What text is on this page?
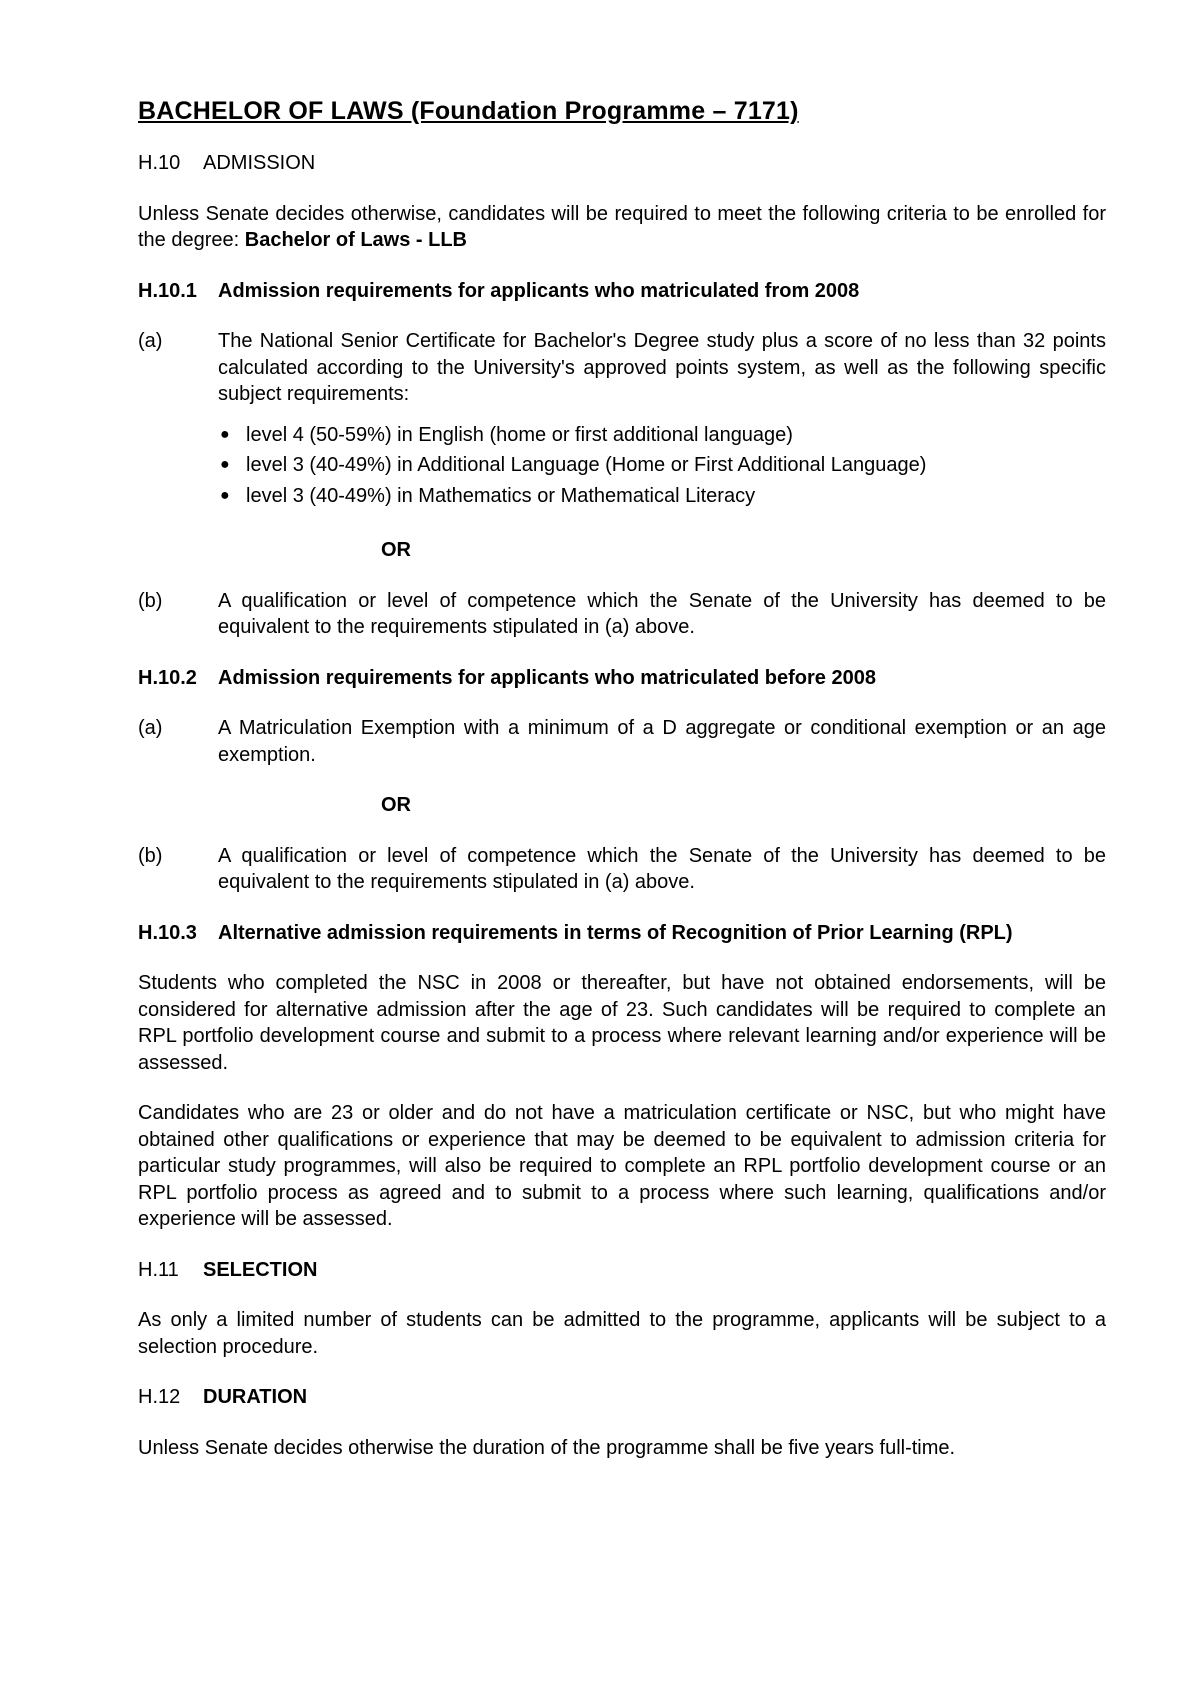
BACHELOR OF LAWS (Foundation Programme – 7171)
H.10 ADMISSION
Unless Senate decides otherwise, candidates will be required to meet the following criteria to be enrolled for the degree: Bachelor of Laws - LLB
H.10.1	Admission requirements for applicants who matriculated from 2008
(a)	The National Senior Certificate for Bachelor's Degree study plus a score of no less than 32 points calculated according to the University's approved points system, as well as the following specific subject requirements:
● level 4 (50-59%) in English (home or first additional language)
● level 3 (40-49%) in Additional Language (Home or First Additional Language)
● level 3 (40-49%) in Mathematics or Mathematical Literacy
OR
(b)	A qualification or level of competence which the Senate of the University has deemed to be equivalent to the requirements stipulated in (a) above.
H.10.2	Admission requirements for applicants who matriculated before 2008
(a)	A Matriculation Exemption with a minimum of a D aggregate or conditional exemption or an age exemption.
OR
(b)	A qualification or level of competence which the Senate of the University has deemed to be equivalent to the requirements stipulated in (a) above.
H.10.3	Alternative admission requirements in terms of Recognition of Prior Learning (RPL)
Students who completed the NSC in 2008 or thereafter, but have not obtained endorsements, will be considered for alternative admission after the age of 23. Such candidates will be required to complete an RPL portfolio development course and submit to a process where relevant learning and/or experience will be assessed.
Candidates who are 23 or older and do not have a matriculation certificate or NSC, but who might have obtained other qualifications or experience that may be deemed to be equivalent to admission criteria for particular study programmes, will also be required to complete an RPL portfolio development course or an RPL portfolio process as agreed and to submit to a process where such learning, qualifications and/or experience will be assessed.
H.11 SELECTION
As only a limited number of students can be admitted to the programme, applicants will be subject to a selection procedure.
H.12 DURATION
Unless Senate decides otherwise the duration of the programme shall be five years full-time.
